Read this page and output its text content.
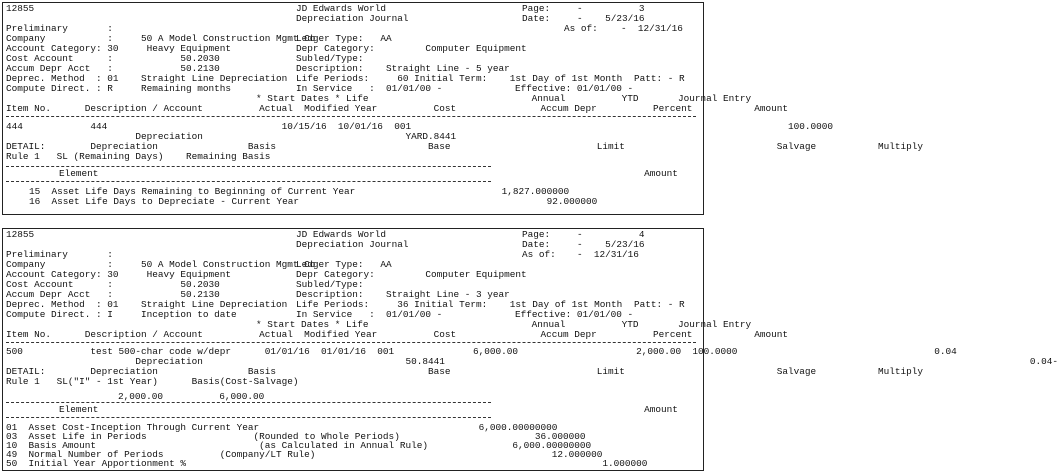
12855	JD Edwards World
Depreciation Journal
Page:	-          3
Date:	-    5/23/16
As of: -  12/31/16
Preliminary       :
Company           :     50 A Model Construction Mgmt Co
Account Category: 30     Heavy Equipment
Cost Account      :            50.2030
Accum Depr Acct   :            50.2130
Deprec. Method  : 01    Straight Line Depreciation
Compute Direct. : R     Remaining months
Ledger Type:   AA
Depr Category:         Computer Equipment
Subled/Type:
Description:    Straight Line - 5 year
Life Periods:     60 Initial Term:    1st Day of 1st Month Patt: - R
In Service   :  01/01/00 -	Effective: 01/01/00 -
* Start Dates * Life                             Annual          YTD       Journal Entry
Item No.      Description / Account          Actual  Modified Year          Cost               Accum Depr          Percent           Amount
444            444                               10/15/16  10/01/16  001                                                                   100.0000
Depreciation                                    YARD.8441
DETAIL:        Depreciation                Basis                           Base                          Limit                           Salvage           Multiply
Rule 1   SL (Remaining Days)    Remaining Basis
Element                                                                                                 Amount
15  Asset Life Days Remaining to Beginning of Current Year                          1,827.000000
16  Asset Life Days to Depreciate - Current Year                                            92.000000
12855	JD Edwards World
Depreciation Journal
Page:	-          4
Date:	-    5/23/16
As of: -  12/31/16
Preliminary       :
Company           :     50 A Model Construction Mgmt Co
Account Category: 30     Heavy Equipment
Cost Account      :            50.2030
Accum Depr Acct   :            50.2130
Deprec. Method  : 01    Straight Line Depreciation
Compute Direct. : I     Inception to date
Ledger Type:   AA
Depr Category:         Computer Equipment
Subled/Type:
Description:    Straight Line - 3 year
Life Periods:     36 Initial Term:    1st Day of 1st Month Patt: - R
In Service   :  01/01/00 -	Effective: 01/01/00 -
* Start Dates * Life                             Annual          YTD       Journal Entry
Item No.      Description / Account          Actual  Modified Year          Cost               Accum Depr          Percent           Amount
500            test 500-char code w/depr      01/01/16  01/01/16  001              6,000.00                     2,000.00  100.0000                                   0.04
Depreciation                                    50.8441                                                                                                        0.04-
DETAIL:        Depreciation                Basis                           Base                          Limit                           Salvage           Multiply
Rule 1   SL("I" - 1st Year)      Basis(Cost-Salvage)
2,000.00          6,000.00
Element                                                                                                 Amount
01  Asset Cost-Inception Through Current Year                                       6,000.00000000
03  Asset Life in Periods                   (Rounded to Whole Periods)                        36.000000
10  Basis Amount                             (as Calculated in Annual Rule)               6,000.00000000
49  Normal Number of Periods          (Company/LT Rule)                                          12.000000
50  Initial Year Apportionment %                                                                          1.000000
